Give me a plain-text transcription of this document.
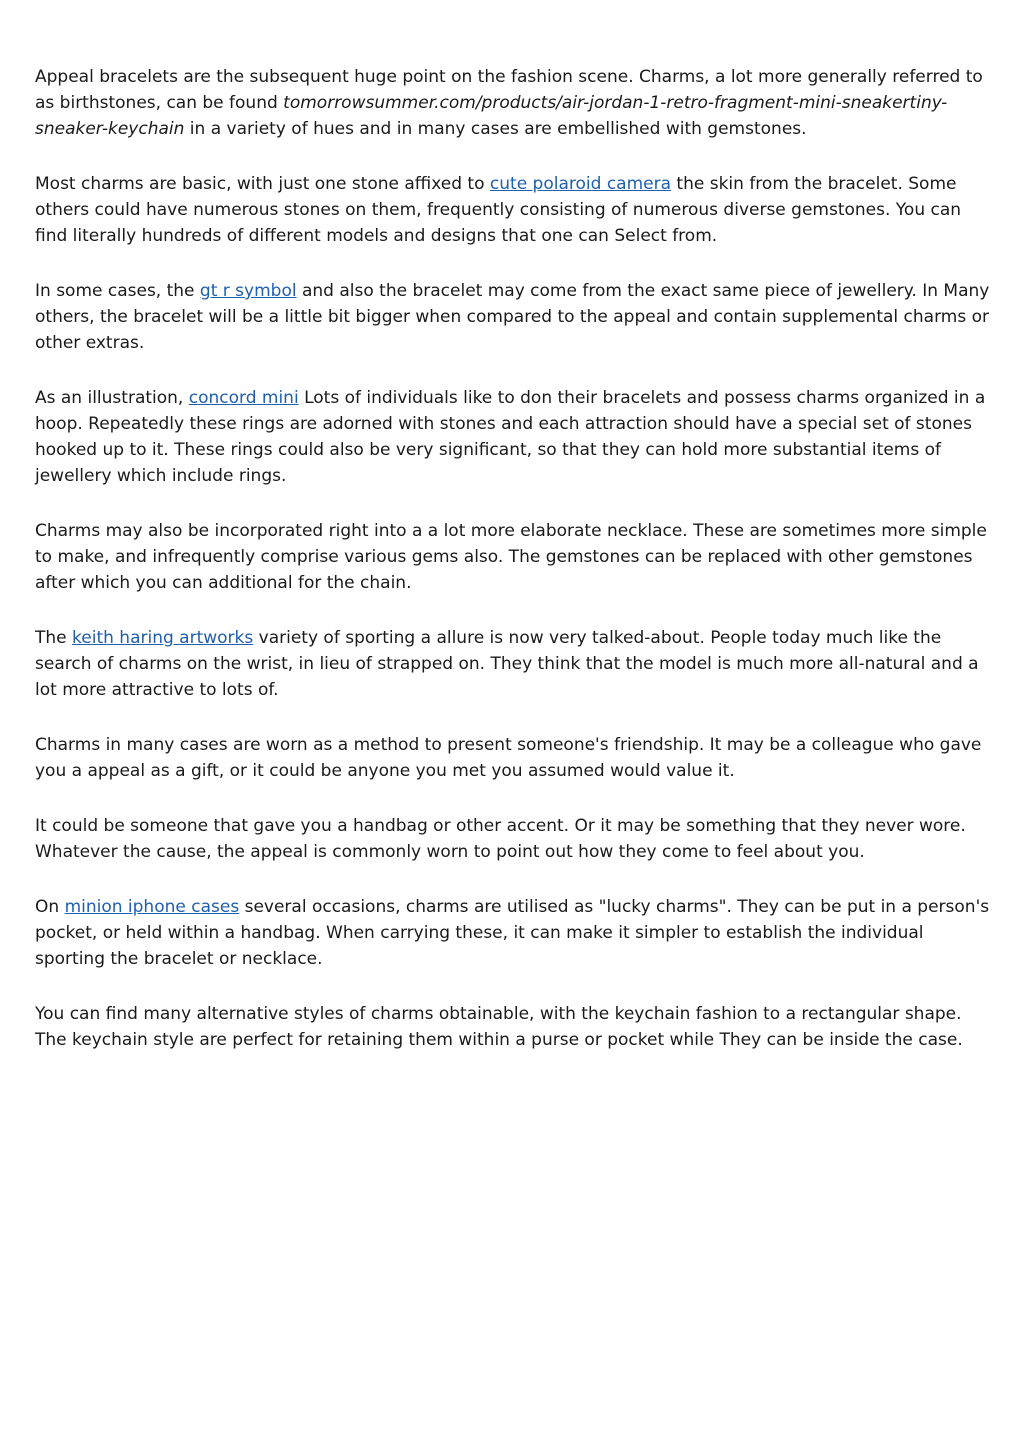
Appeal bracelets are the subsequent huge point on the fashion scene. Charms, a lot more generally referred to as birthstones, can be found tomorrowsummer.com/products/air-jordan-1-retro-fragment-mini-sneakertiny-sneaker-keychain in a variety of hues and in many cases are embellished with gemstones.

Most charms are basic, with just one stone affixed to cute polaroid camera the skin from the bracelet. Some others could have numerous stones on them, frequently consisting of numerous diverse gemstones. You can find literally hundreds of different models and designs that one can Select from.

In some cases, the gt r symbol and also the bracelet may come from the exact same piece of jewellery. In Many others, the bracelet will be a little bit bigger when compared to the appeal and contain supplemental charms or other extras.

As an illustration, concord mini Lots of individuals like to don their bracelets and possess charms organized in a hoop. Repeatedly these rings are adorned with stones and each attraction should have a special set of stones hooked up to it. These rings could also be very significant, so that they can hold more substantial items of jewellery which include rings.

Charms may also be incorporated right into a a lot more elaborate necklace. These are sometimes more simple to make, and infrequently comprise various gems also. The gemstones can be replaced with other gemstones after which you can additional for the chain.

The keith haring artworks variety of sporting a allure is now very talked-about. People today much like the search of charms on the wrist, in lieu of strapped on. They think that the model is much more all-natural and a lot more attractive to lots of.

Charms in many cases are worn as a method to present someone's friendship. It may be a colleague who gave you a appeal as a gift, or it could be anyone you met you assumed would value it.

It could be someone that gave you a handbag or other accent. Or it may be something that they never wore. Whatever the cause, the appeal is commonly worn to point out how they come to feel about you.

On minion iphone cases several occasions, charms are utilised as "lucky charms". They can be put in a person's pocket, or held within a handbag. When carrying these, it can make it simpler to establish the individual sporting the bracelet or necklace.

You can find many alternative styles of charms obtainable, with the keychain fashion to a rectangular shape. The keychain style are perfect for retaining them within a purse or pocket while They can be inside the case.
